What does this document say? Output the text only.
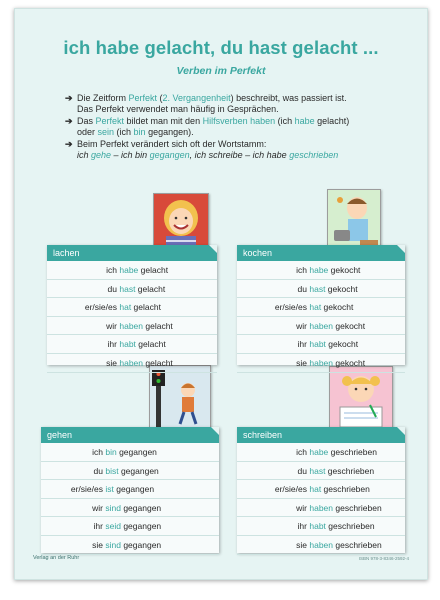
ich habe gelacht, du hast gelacht ...
Verben im Perfekt
➔ Die Zeitform Perfekt (2. Vergangenheit) beschreibt, was passiert ist.
Das Perfekt verwendet man häufig in Gesprächen.
➔ Das Perfekt bildet man mit den Hilfsverben haben (ich habe gelacht)
oder sein (ich bin gegangen).
➔ Beim Perfekt verändert sich oft der Wortstamm:
ich gehe – ich bin gegangen, ich schreibe – ich habe geschrieben
lachen
ich habe gelacht
du hast gelacht
er/sie/es hat gelacht
wir haben gelacht
ihr habt gelacht
sie haben gelacht
kochen
ich habe gekocht
du hast gekocht
er/sie/es hat gekocht
wir haben gekocht
ihr habt gekocht
sie haben gekocht
gehen
ich bin gegangen
du bist gegangen
er/sie/es ist gegangen
wir sind gegangen
ihr seid gegangen
sie sind gegangen
schreiben
ich habe geschrieben
du hast geschrieben
er/sie/es hat geschrieben
wir haben geschrieben
ihr habt geschrieben
sie haben geschrieben
Verlag an der Ruhr	ISBN 978-3-8346-2592-4
